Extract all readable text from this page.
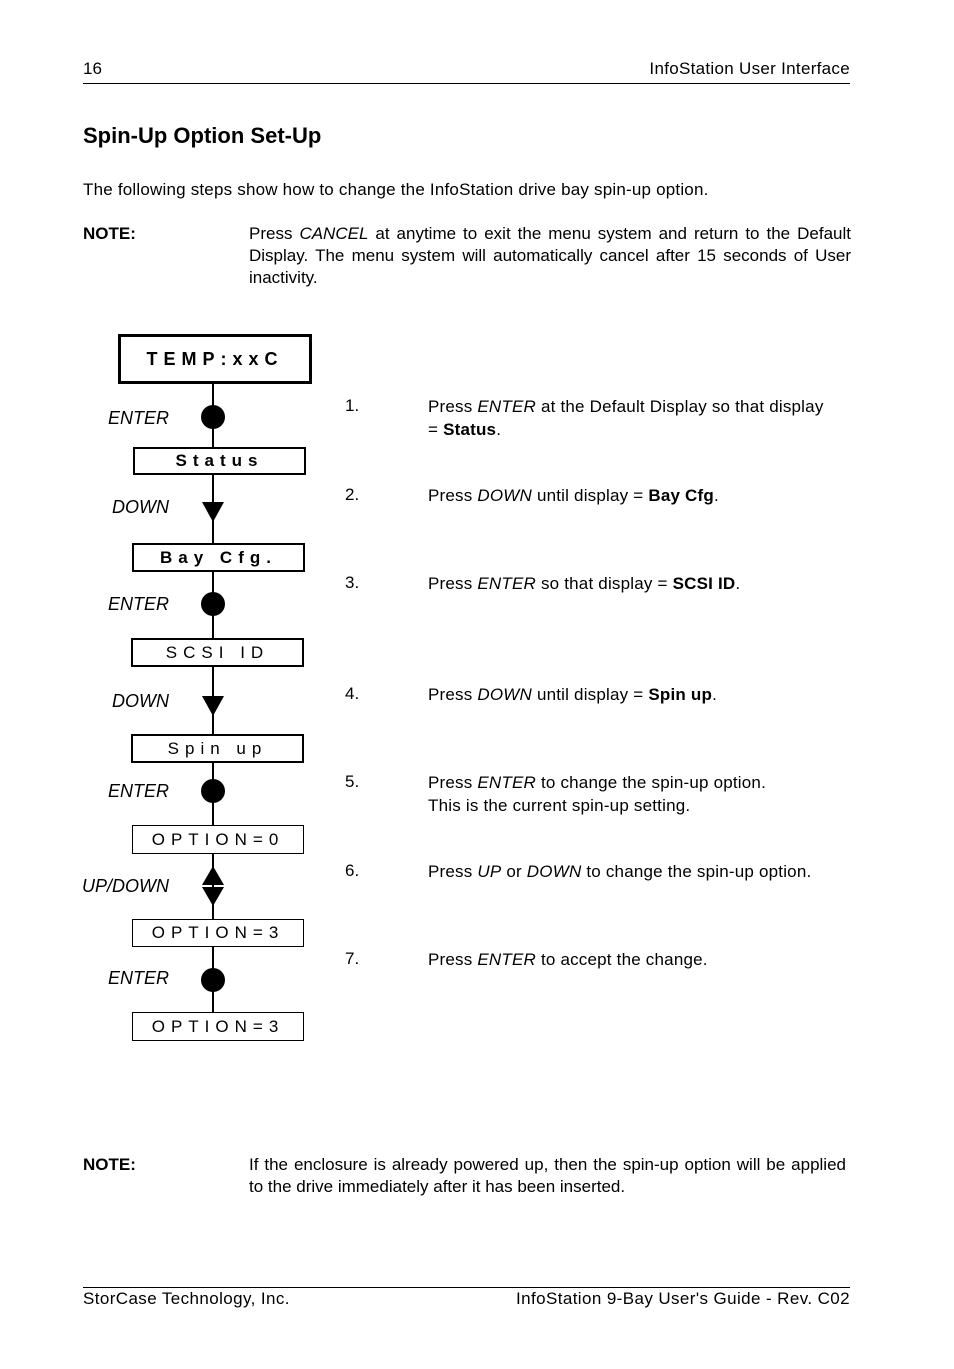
16	InfoStation User Interface
Spin-Up Option Set-Up
The following steps show how to change the InfoStation drive bay spin-up option.
NOTE:	Press CANCEL at anytime to exit the menu system and return to the Default Display. The menu system will automatically cancel after 15 seconds of User inactivity.
TEMP:xxC
Status
Bay Cfg.
SCSI ID
Spin up
OPTION=0
OPTION=3
OPTION=3
ENTER
DOWN
ENTER
DOWN
ENTER
UP/DOWN
ENTER
1.	Press ENTER at the Default Display so that display = Status.
2.	Press DOWN until display = Bay Cfg.
3.	Press ENTER so that display = SCSI ID.
4.	Press DOWN until display = Spin up.
5.	Press ENTER to change the spin-up option.
This is the current spin-up setting.
6.	Press UP or DOWN to change the spin-up option.
7.	Press ENTER to accept the change.
NOTE:	If the enclosure is already powered up, then the spin-up option will be applied to the drive immediately after it has been inserted.
StorCase Technology, Inc.	InfoStation 9-Bay User's Guide - Rev. C02
